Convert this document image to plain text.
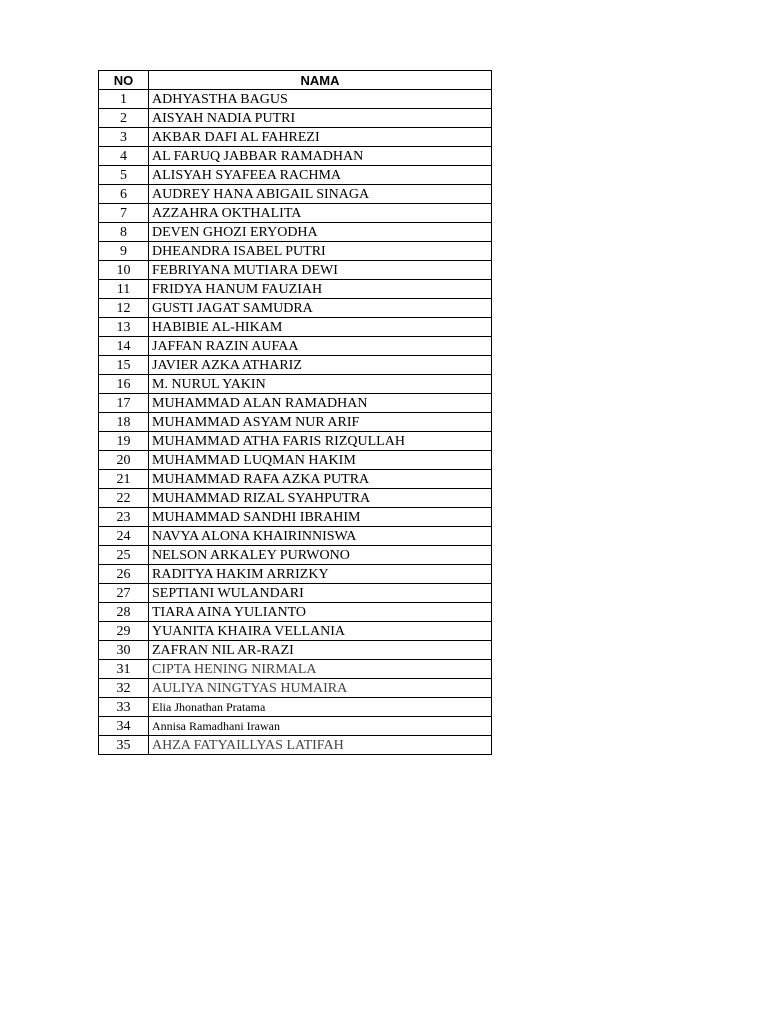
NO	NAMA
1	ADHYASTHA BAGUS
2	AISYAH NADIA PUTRI
3	AKBAR DAFI AL FAHREZI
4	AL FARUQ JABBAR RAMADHAN
5	ALISYAH SYAFEEA RACHMA
6	AUDREY HANA ABIGAIL SINAGA
7	AZZAHRA OKTHALITA
8	DEVEN GHOZI ERYODHA
9	DHEANDRA ISABEL PUTRI
10	FEBRIYANA MUTIARA DEWI
11	FRIDYA HANUM FAUZIAH
12	GUSTI JAGAT SAMUDRA
13	HABIBIE AL-HIKAM
14	JAFFAN RAZIN AUFAA
15	JAVIER AZKA ATHARIZ
16	M. NURUL YAKIN
17	MUHAMMAD ALAN RAMADHAN
18	MUHAMMAD ASYAM NUR ARIF
19	MUHAMMAD ATHA FARIS RIZQULLAH
20	MUHAMMAD LUQMAN HAKIM
21	MUHAMMAD RAFA AZKA PUTRA
22	MUHAMMAD RIZAL SYAHPUTRA
23	MUHAMMAD SANDHI IBRAHIM
24	NAVYA ALONA KHAIRINNISWA
25	NELSON ARKALEY PURWONO
26	RADITYA HAKIM ARRIZKY
27	SEPTIANI WULANDARI
28	TIARA AINA YULIANTO
29	YUANITA KHAIRA VELLANIA
30	ZAFRAN NIL AR-RAZI
31	CIPTA HENING NIRMALA
32	AULIYA NINGTYAS HUMAIRA
33	Elia Jhonathan Pratama
34	Annisa Ramadhani Irawan
35	AHZA FATYAILLYAS LATIFAH
